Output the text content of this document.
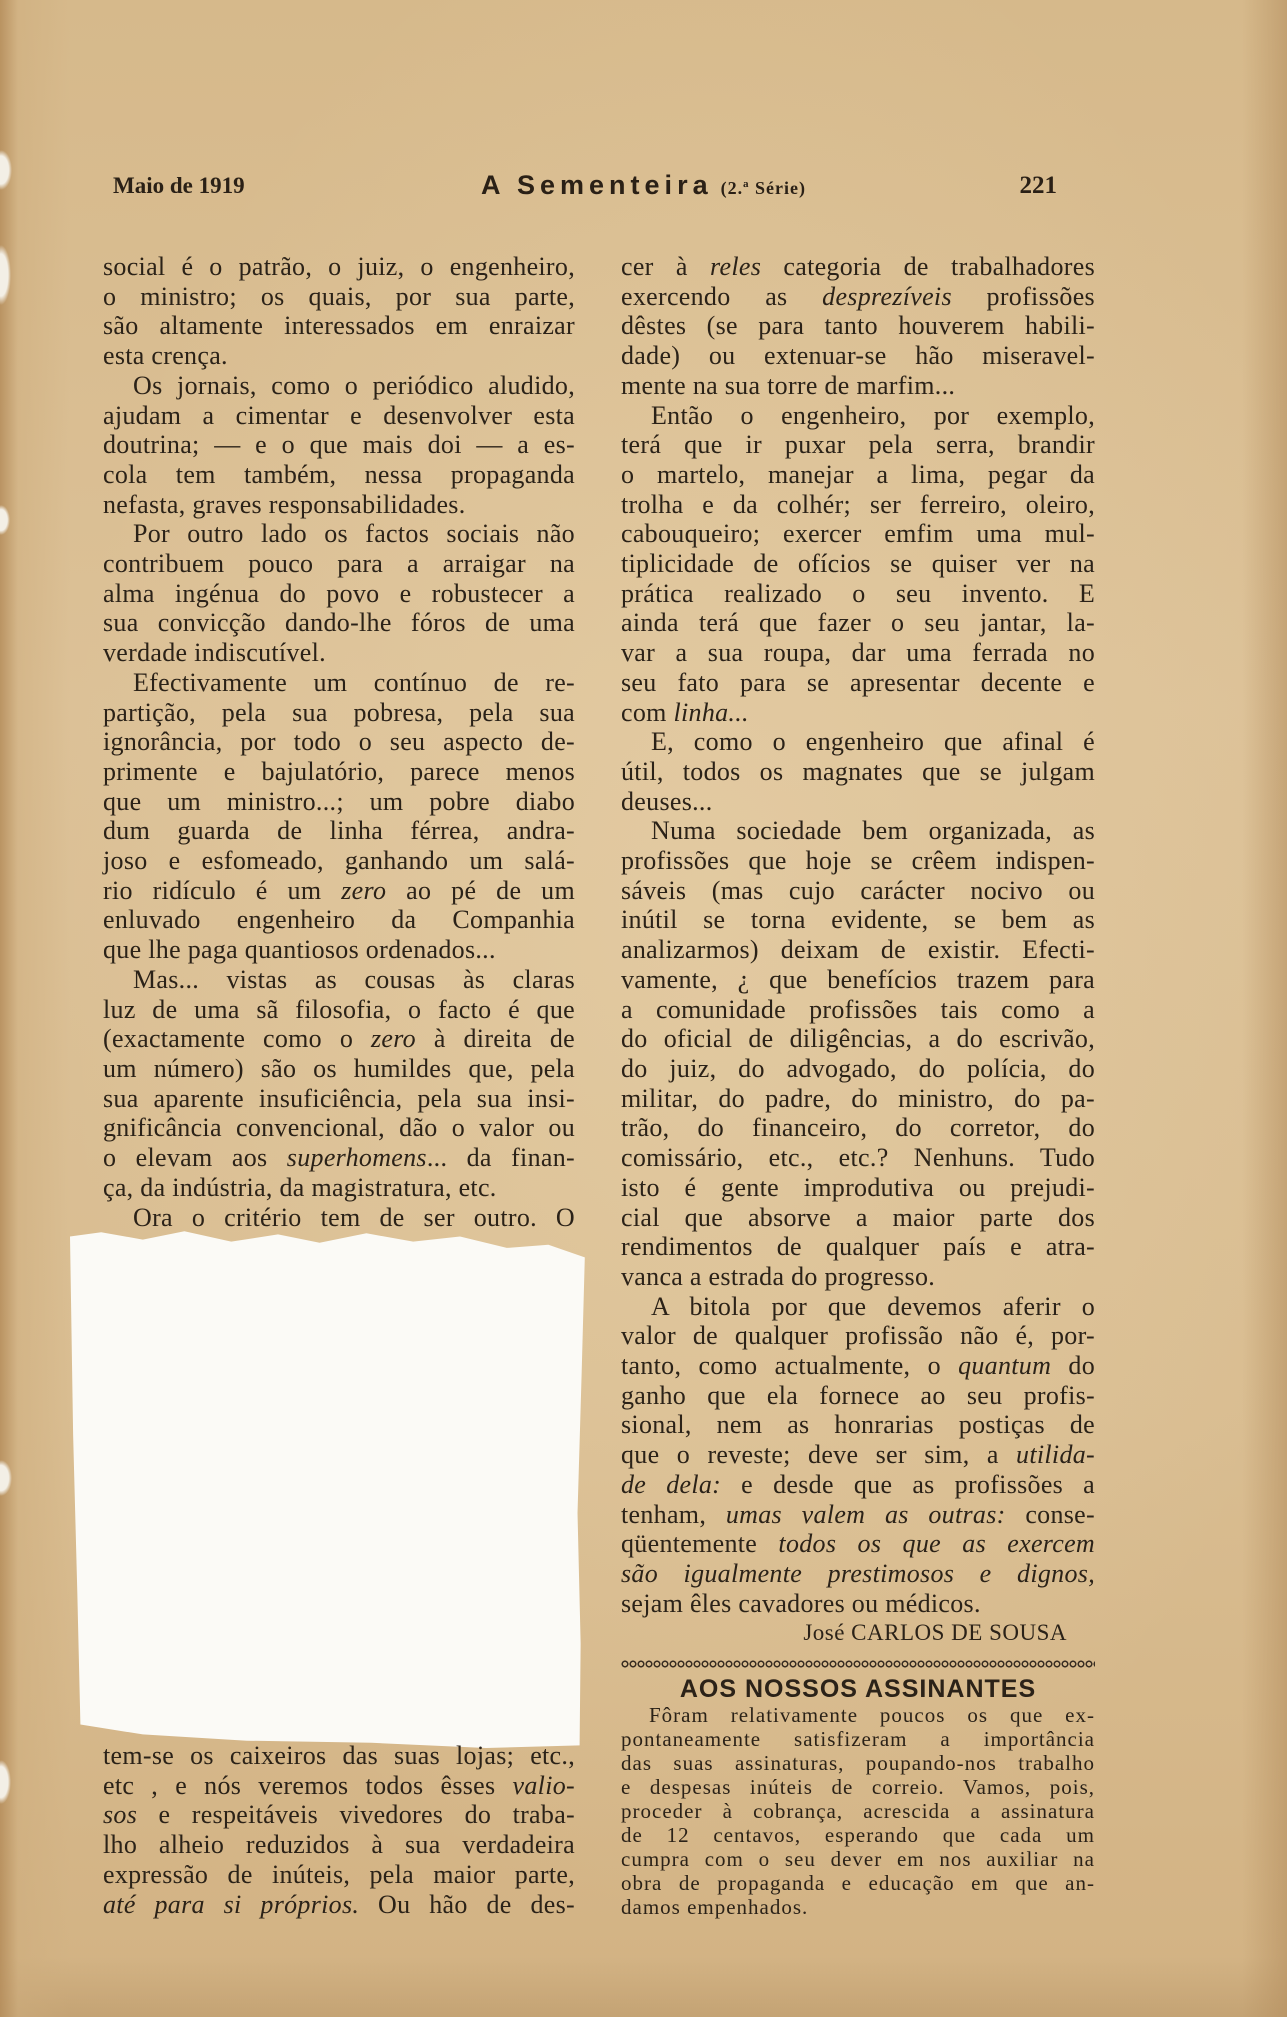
Maio de 1919	A Sementeira (2.ª Série)	221
social é o patrão, o juiz, o engenheiro,
o ministro; os quais, por sua parte,
são altamente interessados em enraizar
esta crença.
Os jornais, como o periódico aludido,
ajudam a cimentar e desenvolver esta
doutrina; — e o que mais doi — a es-
cola tem também, nessa propaganda
nefasta, graves responsabilidades.
Por outro lado os factos sociais não
contribuem pouco para a arraigar na
alma ingénua do povo e robustecer a
sua convicção dando-lhe fóros de uma
verdade indiscutível.
Efectivamente um contínuo de re-
partição, pela sua pobresa, pela sua
ignorância, por todo o seu aspecto de-
primente e bajulatório, parece menos
que um ministro...; um pobre diabo
dum guarda de linha férrea, andra-
joso e esfomeado, ganhando um salá-
rio ridículo é um zero ao pé de um
enluvado engenheiro da Companhia
que lhe paga quantiosos ordenados...
Mas... vistas as cousas às claras
luz de uma sã filosofia, o facto é que
(exactamente como o zero à direita de
um número) são os humildes que, pela
sua aparente insuficiência, pela sua insi-
gnificância convencional, dão o valor ou
o elevam aos superhomens... da finan-
ça, da indústria, da magistratura, etc.
Ora o critério tem de ser outro. O
tem-se os caixeiros das suas lojas; etc.,
etc , e nós veremos todos êsses valio-
sos e respeitáveis vivedores do traba-
lho alheio reduzidos à sua verdadeira
expressão de inúteis, pela maior parte,
até para si próprios. Ou hão de des-
cer à reles categoria de trabalhadores
exercendo as desprezíveis profissões
dêstes (se para tanto houverem habili-
dade) ou extenuar-se hão miseravel-
mente na sua torre de marfim...
Então o engenheiro, por exemplo,
terá que ir puxar pela serra, brandir
o martelo, manejar a lima, pegar da
trolha e da colhér; ser ferreiro, oleiro,
cabouqueiro; exercer emfim uma mul-
tiplicidade de ofícios se quiser ver na
prática realizado o seu invento. E
ainda terá que fazer o seu jantar, la-
var a sua roupa, dar uma ferrada no
seu fato para se apresentar decente e
com linha...
E, como o engenheiro que afinal é
útil, todos os magnates que se julgam
deuses...
Numa sociedade bem organizada, as
profissões que hoje se crêem indispen-
sáveis (mas cujo carácter nocivo ou
inútil se torna evidente, se bem as
analizarmos) deixam de existir. Efecti-
vamente, ¿ que benefícios trazem para
a comunidade profissões tais como a
do oficial de diligências, a do escrivão,
do juiz, do advogado, do polícia, do
militar, do padre, do ministro, do pa-
trão, do financeiro, do corretor, do
comissário, etc., etc.? Nenhuns. Tudo
isto é gente improdutiva ou prejudi-
cial que absorve a maior parte dos
rendimentos de qualquer país e atra-
vanca a estrada do progresso.
A bitola por que devemos aferir o
valor de qualquer profissão não é, por-
tanto, como actualmente, o quantum do
ganho que ela fornece ao seu profis-
sional, nem as honrarias postiças de
que o reveste; deve ser sim, a utilida-
de dela: e desde que as profissões a
tenham, umas valem as outras: conse-
qüentemente todos os que as exercem
são igualmente prestimosos e dignos,
sejam êles cavadores ou médicos.
José CARLOS DE SOUSA
AOS NOSSOS ASSINANTES
Fôram relativamente poucos os que ex-
pontaneamente satisfizeram a importância
das suas assinaturas, poupando-nos trabalho
e despesas inúteis de correio. Vamos, pois,
proceder à cobrança, acrescida a assinatura
de 12 centavos, esperando que cada um
cumpra com o seu dever em nos auxiliar na
obra de propaganda e educação em que an-
damos empenhados.
